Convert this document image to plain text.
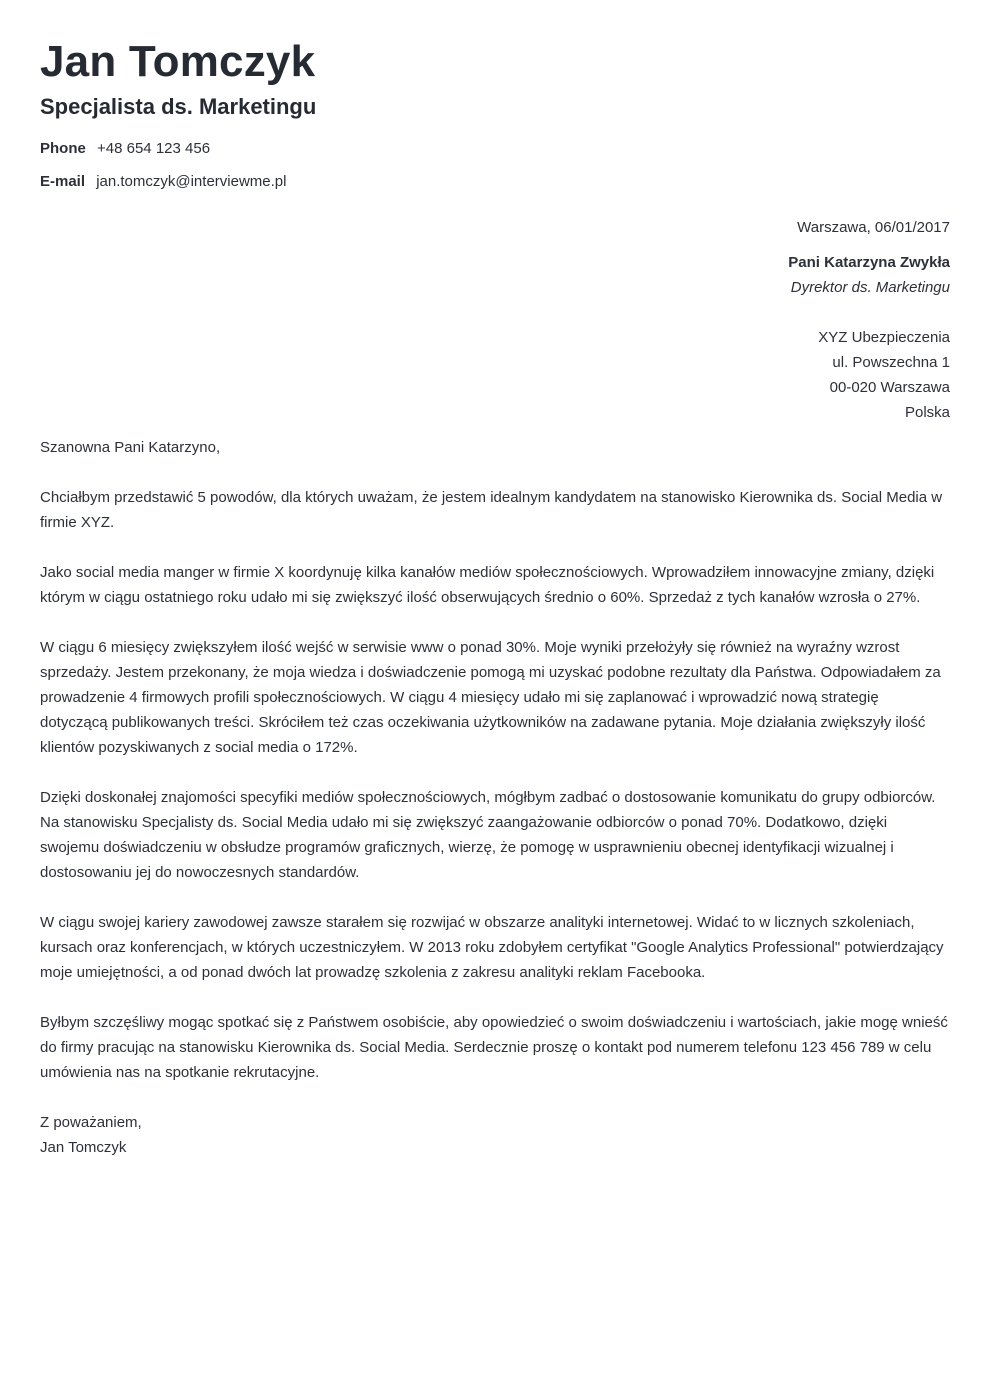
Jan Tomczyk
Specjalista ds. Marketingu
Phone +48 654 123 456
E-mail jan.tomczyk@interviewme.pl
Warszawa, 06/01/2017
Pani Katarzyna Zwykła
Dyrektor ds. Marketingu
XYZ Ubezpieczenia
ul. Powszechna 1
00-020 Warszawa
Polska

Szanowna Pani Katarzyno,

Chciałbym przedstawić 5 powodów, dla których uważam, że jestem idealnym kandydatem na stanowisko Kierownika ds. Social Media w firmie XYZ.

Jako social media manger w firmie X koordynuję kilka kanałów mediów społecznościowych. Wprowadziłem innowacyjne zmiany, dzięki którym w ciągu ostatniego roku udało mi się zwiększyć ilość obserwujących średnio o 60%. Sprzedaż z tych kanałów wzrosła o 27%.

W ciągu 6 miesięcy zwiększyłem ilość wejść w serwisie www o ponad 30%. Moje wyniki przełożyły się również na wyraźny wzrost sprzedaży. Jestem przekonany, że moja wiedza i doświadczenie pomogą mi uzyskać podobne rezultaty dla Państwa. Odpowiadałem za prowadzenie 4 firmowych profili społecznościowych. W ciągu 4 miesięcy udało mi się zaplanować i wprowadzić nową strategię dotyczącą publikowanych treści. Skróciłem też czas oczekiwania użytkowników na zadawane pytania. Moje działania zwiększyły ilość klientów pozyskiwanych z social media o 172%.

Dzięki doskonałej znajomości specyfiki mediów społecznościowych, mógłbym zadbać o dostosowanie komunikatu do grupy odbiorców. Na stanowisku Specjalisty ds. Social Media udało mi się zwiększyć zaangażowanie odbiorców o ponad 70%. Dodatkowo, dzięki swojemu doświadczeniu w obsłudze programów graficznych, wierzę, że pomogę w usprawnieniu obecnej identyfikacji wizualnej i dostosowaniu jej do nowoczesnych standardów.

W ciągu swojej kariery zawodowej zawsze starałem się rozwijać w obszarze analityki internetowej. Widać to w licznych szkoleniach, kursach oraz konferencjach, w których uczestniczyłem. W 2013 roku zdobyłem certyfikat "Google Analytics Professional" potwierdzający moje umiejętności, a od ponad dwóch lat prowadzę szkolenia z zakresu analityki reklam Facebooka.

Byłbym szczęśliwy mogąc spotkać się z Państwem osobiście, aby opowiedzieć o swoim doświadczeniu i wartościach, jakie mogę wnieść do firmy pracując na stanowisku Kierownika ds. Social Media. Serdecznie proszę o kontakt pod numerem telefonu 123 456 789 w celu umówienia nas na spotkanie rekrutacyjne.

Z poważaniem,
Jan Tomczyk
